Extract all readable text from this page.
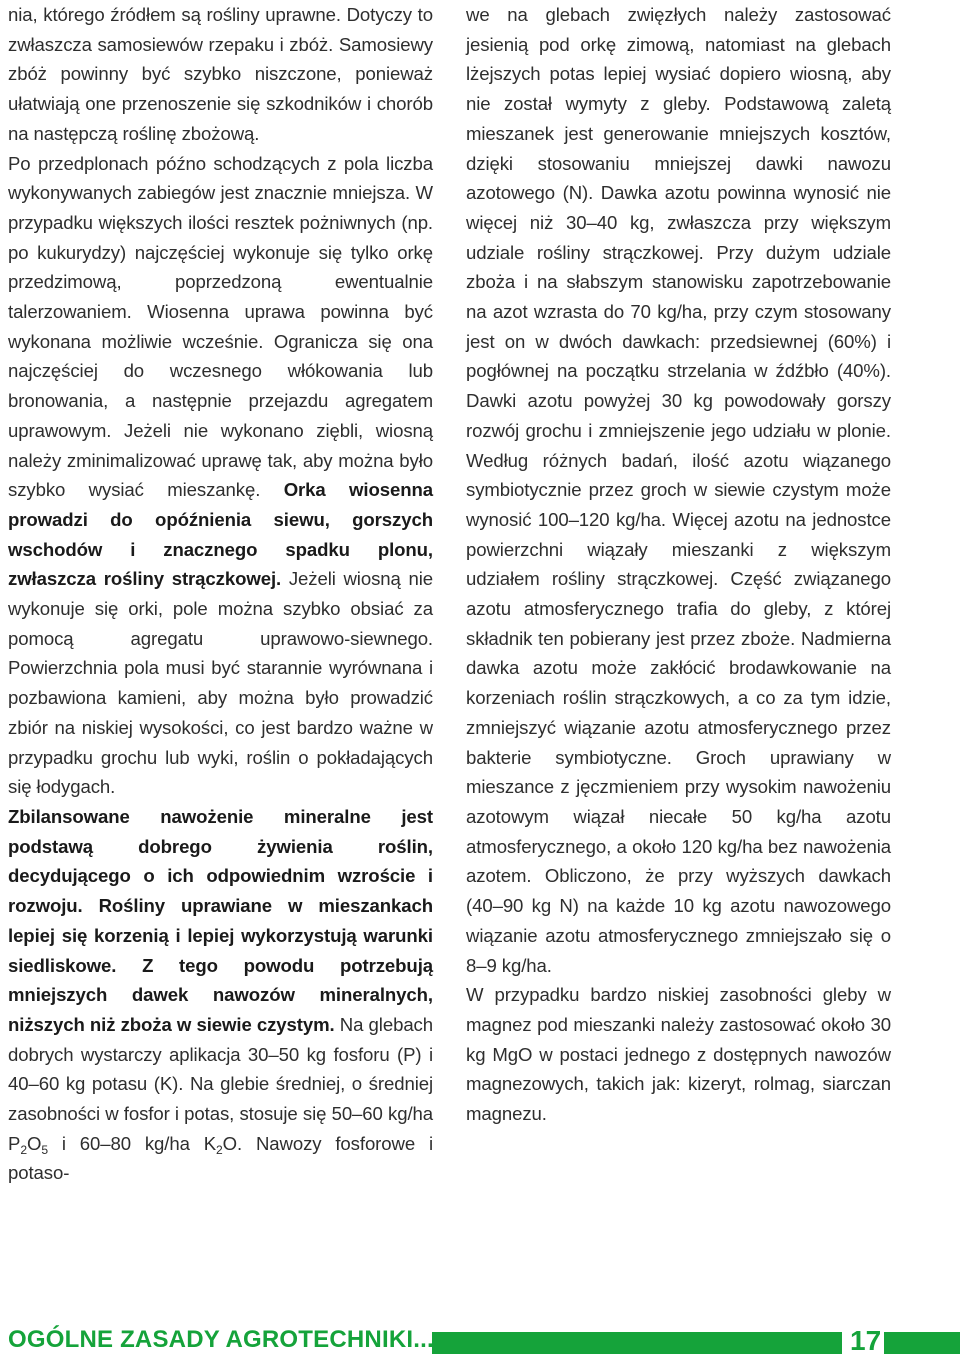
nia, którego źródłem są rośliny uprawne. Dotyczy to zwłaszcza samosiewów rzepaku i zbóż. Samosiewy zbóż powinny być szybko niszczone, ponieważ ułatwiają one przenoszenie się szkodników i chorób na następczą roślinę zbożową.

Po przedplonach późno schodzących z pola liczba wykonywanych zabiegów jest znacznie mniejsza. W przypadku większych ilości resztek pożniwnych (np. po kukurydzy) najczęściej wykonuje się tylko orkę przedzimową, poprzedzoną ewentualnie talerzowaniem. Wiosenna uprawa powinna być wykonana możliwie wcześnie. Ogranicza się ona najczęściej do wczesnego włókowania lub bronowania, a następnie przejazdu agregatem uprawowym. Jeżeli nie wykonano ziębli, wiosną należy zminimalizować uprawę tak, aby można było szybko wysiać mieszankę. Orka wiosenna prowadzi do opóźnienia siewu, gorszych wschodów i znacznego spadku plonu, zwłaszcza rośliny strączkowej. Jeżeli wiosną nie wykonuje się orki, pole można szybko obsiać za pomocą agregatu uprawowo-siewnego. Powierzchnia pola musi być starannie wyrównana i pozbawiona kamieni, aby można było prowadzić zbiór na niskiej wysokości, co jest bardzo ważne w przypadku grochu lub wyki, roślin o pokładających się łodygach.

Zbilansowane nawożenie mineralne jest podstawą dobrego żywienia roślin, decydującego o ich odpowiednim wzroście i rozwoju. Rośliny uprawiane w mieszankach lepiej się korzenią i lepiej wykorzystują warunki siedliskowe. Z tego powodu potrzebują mniejszych dawek nawozów mineralnych, niższych niż zboża w siewie czystym. Na glebach dobrych wystarczy aplikacja 30–50 kg fosforu (P) i 40–60 kg potasu (K). Na glebie średniej, o średniej zasobności w fosfor i potas, stosuje się 50–60 kg/ha $P_2O_5$ i 60–80 kg/ha $K_2O$. Nawozy fosforowe i potaso-

we na glebach zwięzłych należy zastosować jesienią pod orkę zimową, natomiast na glebach lżejszych potas lepiej wysiać dopiero wiosną, aby nie został wymyty z gleby. Podstawową zaletą mieszanek jest generowanie mniejszych kosztów, dzięki stosowaniu mniejszej dawki nawozu azotowego (N). Dawka azotu powinna wynosić nie więcej niż 30–40 kg, zwłaszcza przy większym udziale rośliny strączkowej. Przy dużym udziale zboża i na słabszym stanowisku zapotrzebowanie na azot wzrasta do 70 kg/ha, przy czym stosowany jest on w dwóch dawkach: przedsiewnej (60%) i pogłównej na początku strzelania w źdźbło (40%). Dawki azotu powyżej 30 kg powodowały gorszy rozwój grochu i zmniejszenie jego udziału w plonie. Według różnych badań, ilość azotu wiązanego symbiotycznie przez groch w siewie czystym może wynosić 100–120 kg/ha. Więcej azotu na jednostce powierzchni wiązały mieszanki z większym udziałem rośliny strączkowej. Część związanego azotu atmosferycznego trafia do gleby, z której składnik ten pobierany jest przez zboże. Nadmierna dawka azotu może zakłócić brodawkowanie na korzeniach roślin strączkowych, a co za tym idzie, zmniejszyć wiązanie azotu atmosferycznego przez bakterie symbiotyczne. Groch uprawiany w mieszance z jęczmieniem przy wysokim nawożeniu azotowym wiązał niecałe 50 kg/ha azotu atmosferycznego, a około 120 kg/ha bez nawożenia azotem. Obliczono, że przy wyższych dawkach (40–90 kg N) na każde 10 kg azotu nawozowego wiązanie azotu atmosferycznego zmniejszało się o 8–9 kg/ha.

W przypadku bardzo niskiej zasobności gleby w magnez pod mieszanki należy zastosować około 30 kg MgO w postaci jednego z dostępnych nawozów magnezowych, takich jak: kizeryt, rolmag, siarczan magnezu.

OGÓLNE ZASADY AGROTECHNIKI...	17
